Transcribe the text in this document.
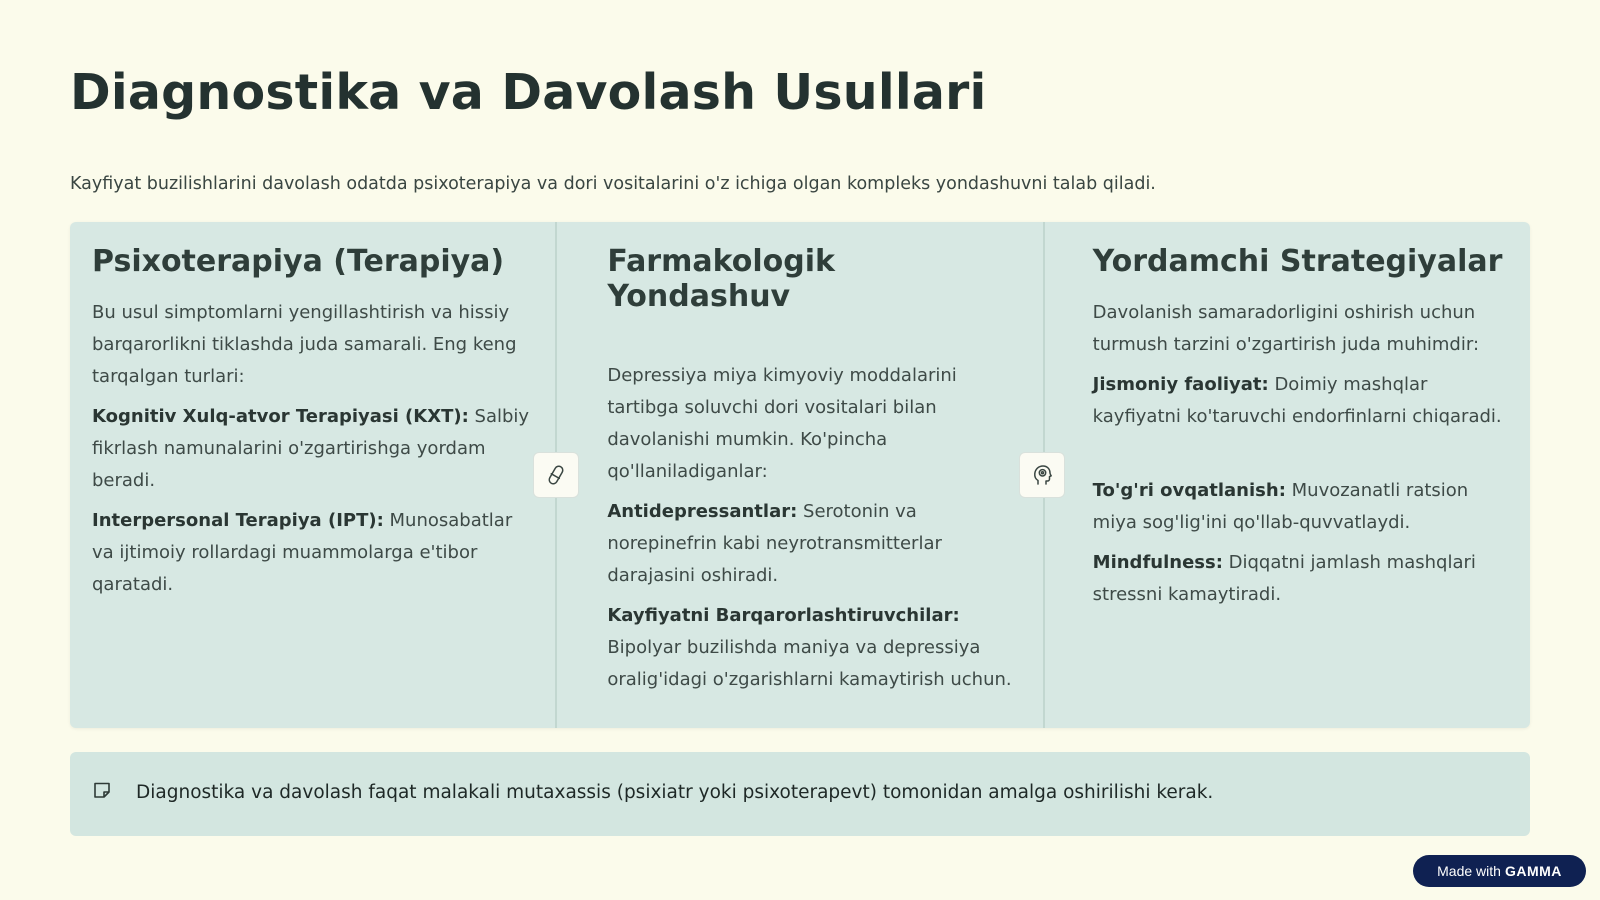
Diagnostika va Davolash Usullari

Kayfiyat buzilishlarini davolash odatda psixoterapiya va dori vositalarini o'z ichiga olgan kompleks yondashuvni talab qiladi.

Psixoterapiya (Terapiya)

Bu usul simptomlarni yengillashtirish va hissiy barqarorlikni tiklashda juda samarali. Eng keng tarqalgan turlari:

Kognitiv Xulq-atvor Terapiyasi (KXT): Salbiy fikrlash namunalarini o'zgartirishga yordam beradi.

Interpersonal Terapiya (IPT): Munosabatlar va ijtimoiy rollardagi muammolarga e'tibor qaratadi.

Farmakologik Yondashuv

Depressiya miya kimyoviy moddalarini tartibga soluvchi dori vositalari bilan davolanishi mumkin. Ko'pincha qo'llaniladiganlar:

Antidepressantlar: Serotonin va norepinefrin kabi neyrotransmitterlar darajasini oshiradi.

Kayfiyatni Barqarorlashtiruvchilar: Bipolyar buzilishda maniya va depressiya oralig'idagi o'zgarishlarni kamaytirish uchun.

Yordamchi Strategiyalar

Davolanish samaradorligini oshirish uchun turmush tarzini o'zgartirish juda muhimdir:

Jismoniy faoliyat: Doimiy mashqlar kayfiyatni ko'taruvchi endorfinlarni chiqaradi.

To'g'ri ovqatlanish: Muvozanatli ratsion miya sog'lig'ini qo'llab-quvvatlaydi.

Mindfulness: Diqqatni jamlash mashqlari stressni kamaytiradi.

Diagnostika va davolash faqat malakali mutaxassis (psixiatr yoki psixoterapevt) tomonidan amalga oshirilishi kerak.
Made with GAMMA
